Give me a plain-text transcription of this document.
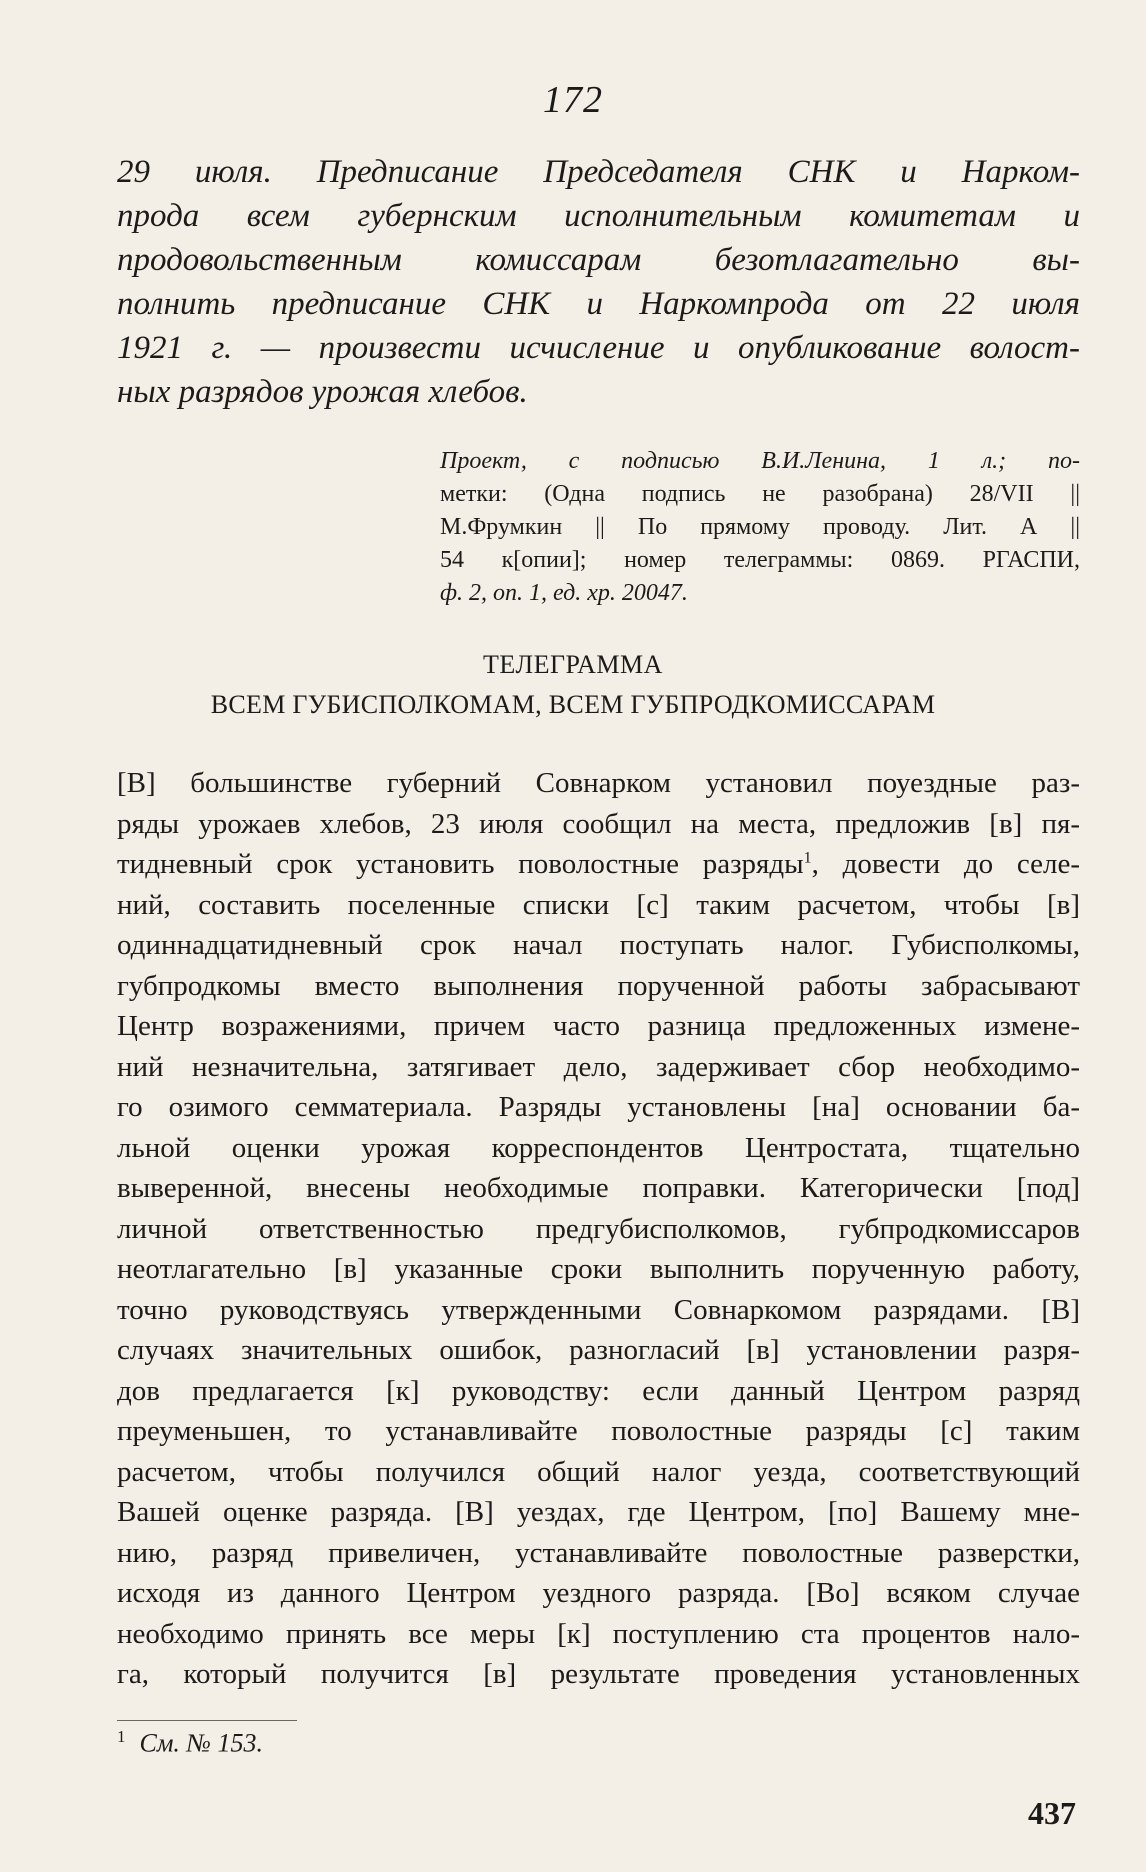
172
29 июля. Предписание Председателя СНК и Нарком-
прода всем губернским исполнительным комитетам и
продовольственным комиссарам безотлагательно вы-
полнить предписание СНК и Наркомпрода от 22 июля
1921 г. — произвести исчисление и опубликование волост-
ных разрядов урожая хлебов.
Проект, с подписью В.И.Ленина, 1 л.; по-
метки: (Одна подпись не разобрана) 28/VII ||
М.Фрумкин || По прямому проводу. Лит. А ||
54 к[опии]; номер телеграммы: 0869. РГАСПИ,
ф. 2, оп. 1, ед. хр. 20047.
ТЕЛЕГРАММА
ВСЕМ ГУБИСПОЛКОМАМ, ВСЕМ ГУБПРОДКОМИССАРАМ
[В] большинстве губерний Совнарком установил поуездные раз-
ряды урожаев хлебов, 23 июля сообщил на места, предложив [в] пя-
тидневный срок установить поволостные разряды$^1$, довести до селе-
ний, составить поселенные списки [с] таким расчетом, чтобы [в]
одиннадцатидневный срок начал поступать налог. Губисполкомы,
губпродкомы вместо выполнения порученной работы забрасывают
Центр возражениями, причем часто разница предложенных измене-
ний незначительна, затягивает дело, задерживает сбор необходимо-
го озимого семматериала. Разряды установлены [на] основании ба-
льной оценки урожая корреспондентов Центростата, тщательно
выверенной, внесены необходимые поправки. Категорически [под]
личной ответственностью предгубисполкомов, губпродкомиссаров
неотлагательно [в] указанные сроки выполнить порученную работу,
точно руководствуясь утвержденными Совнаркомом разрядами. [В]
случаях значительных ошибок, разногласий [в] установлении разря-
дов предлагается [к] руководству: если данный Центром разряд
преуменьшен, то устанавливайте поволостные разряды [с] таким
расчетом, чтобы получился общий налог уезда, соответствующий
Вашей оценке разряда. [В] уездах, где Центром, [по] Вашему мне-
нию, разряд привеличен, устанавливайте поволостные разверстки,
исходя из данного Центром уездного разряда. [Во] всяком случае
необходимо принять все меры [к] поступлению ста процентов нало-
га, который получится [в] результате проведения установленных
$^1$ См. № 153.
437
